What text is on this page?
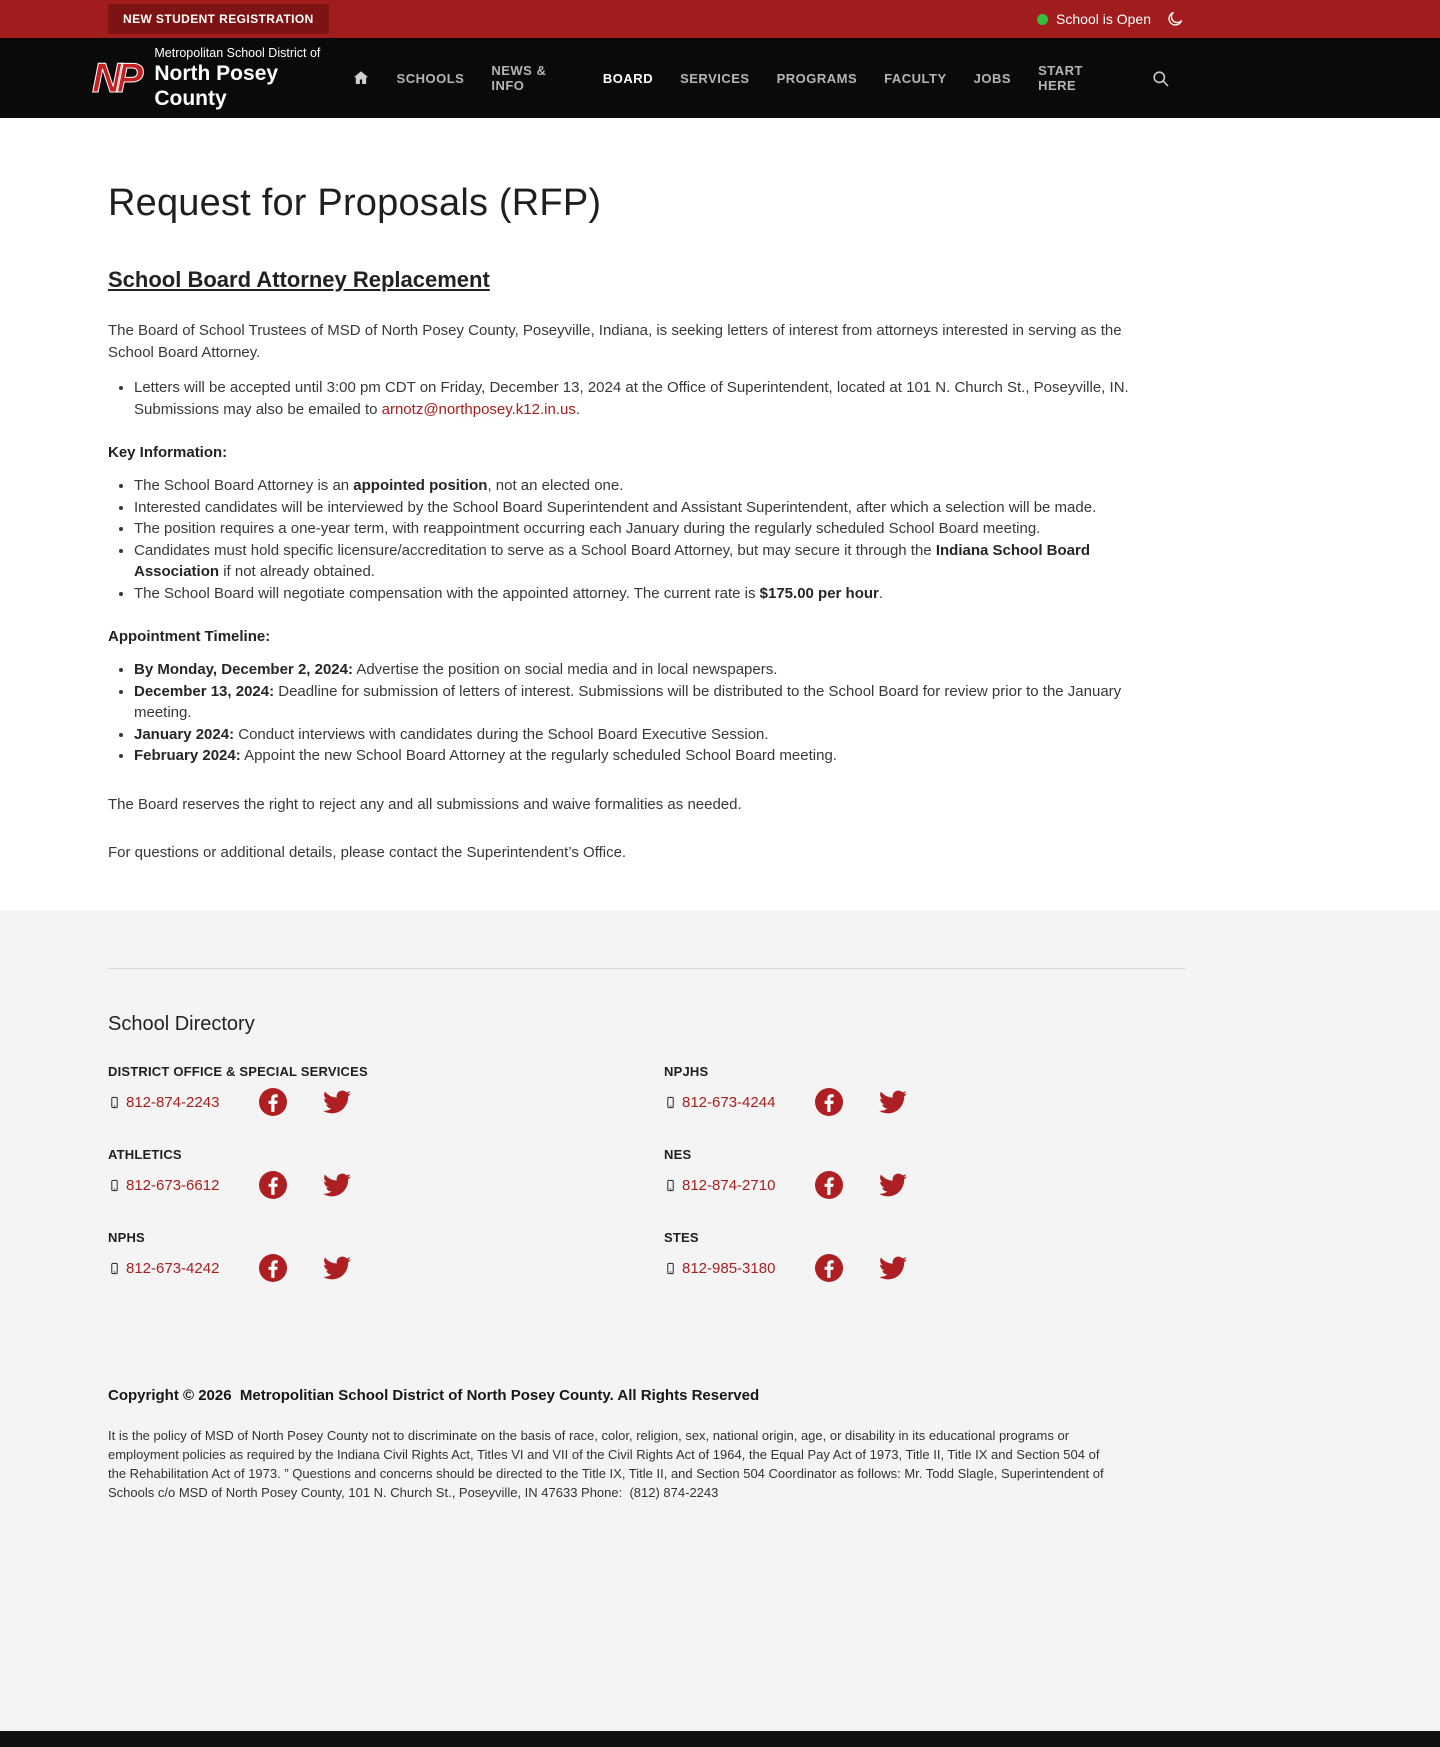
NEW STUDENT REGISTRATION	School is Open
NP
Metropolitan School District of
North Posey County
SCHOOLS NEWS & INFO	BOARD SERVICES PROGRAMS FACULTY JOBS START HERE
Request for Proposals (RFP)
School Board Attorney Replacement

The Board of School Trustees of MSD of North Posey County, Poseyville, Indiana, is seeking letters of interest from attorneys interested in serving as the School Board Attorney.

• Letters will be accepted until 3:00 pm CDT on Friday, December 13, 2024 at the Office of Superintendent, located at 101 N. Church St., Poseyville, IN. Submissions may also be emailed to arnotz@northposey.k12.in.us.

Key Information:

• The School Board Attorney is an appointed position, not an elected one.
• Interested candidates will be interviewed by the School Board Superintendent and Assistant Superintendent, after which a selection will be made.
• The position requires a one-year term, with reappointment occurring each January during the regularly scheduled School Board meeting.
• Candidates must hold specific licensure/accreditation to serve as a School Board Attorney, but may secure it through the Indiana School Board Association if not already obtained.
• The School Board will negotiate compensation with the appointed attorney. The current rate is $175.00 per hour.

Appointment Timeline:

• By Monday, December 2, 2024: Advertise the position on social media and in local newspapers.
• December 13, 2024: Deadline for submission of letters of interest. Submissions will be distributed to the School Board for review prior to the January meeting.
• January 2024: Conduct interviews with candidates during the School Board Executive Session.
• February 2024: Appoint the new School Board Attorney at the regularly scheduled School Board meeting.

The Board reserves the right to reject any and all submissions and waive formalities as needed.

For questions or additional details, please contact the Superintendent’s Office.

School Directory
DISTRICT OFFICE & SPECIAL SERVICES
812-874-2243
NPJHS
812-673-4244
ATHLETICS
812-673-6612
NES
812-874-2710
NPHS
812-673-4242
STES
812-985-3180

Copyright © 2026  Metropolitian School District of North Posey County. All Rights Reserved

It is the policy of MSD of North Posey County not to discriminate on the basis of race, color, religion, sex, national origin, age, or disability in its educational programs or employment policies as required by the Indiana Civil Rights Act, Titles VI and VII of the Civil Rights Act of 1964, the Equal Pay Act of 1973, Title II, Title IX and Section 504 of the Rehabilitation Act of 1973. ” Questions and concerns should be directed to the Title IX, Title II, and Section 504 Coordinator as follows: Mr. Todd Slagle, Superintendent of Schools c/o MSD of North Posey County, 101 N. Church St., Poseyville, IN 47633 Phone:  (812) 874-2243
